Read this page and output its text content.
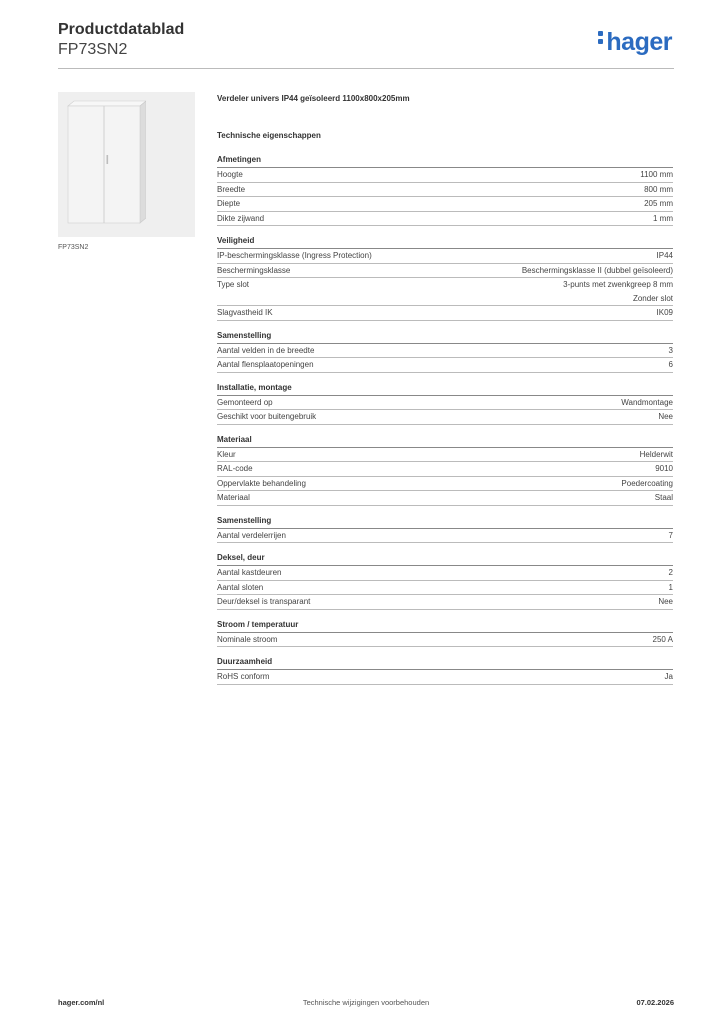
Productdatablad
FP73SN2	hager
FP73SN2
Verdeler univers IP44 geïsoleerd 1100x800x205mm
Technische eigenschappen
Afmetingen
Hoogte	1100 mm
Breedte	800 mm
Diepte	205 mm
Dikte zijwand	1 mm
Veiligheid
IP-beschermingsklasse (Ingress Protection)	IP44
Beschermingsklasse	Beschermingsklasse II (dubbel geïsoleerd)
Type slot	3-punts met zwenkgreep 8 mm
Zonder slot
Slagvastheid IK	IK09
Samenstelling
Aantal velden in de breedte	3
Aantal flensplaatopeningen	6
Installatie, montage
Gemonteerd op	Wandmontage
Geschikt voor buitengebruik	Nee
Materiaal
Kleur	Helderwit
RAL-code	9010
Oppervlakte behandeling	Poedercoating
Materiaal	Staal
Samenstelling
Aantal verdelerrijen	7
Deksel, deur
Aantal kastdeuren	2
Aantal sloten	1
Deur/deksel is transparant	Nee
Stroom / temperatuur
Nominale stroom	250 A
Duurzaamheid
RoHS conform	Ja
hager.com/nl	Technische wijzigingen voorbehouden	07.02.2026
